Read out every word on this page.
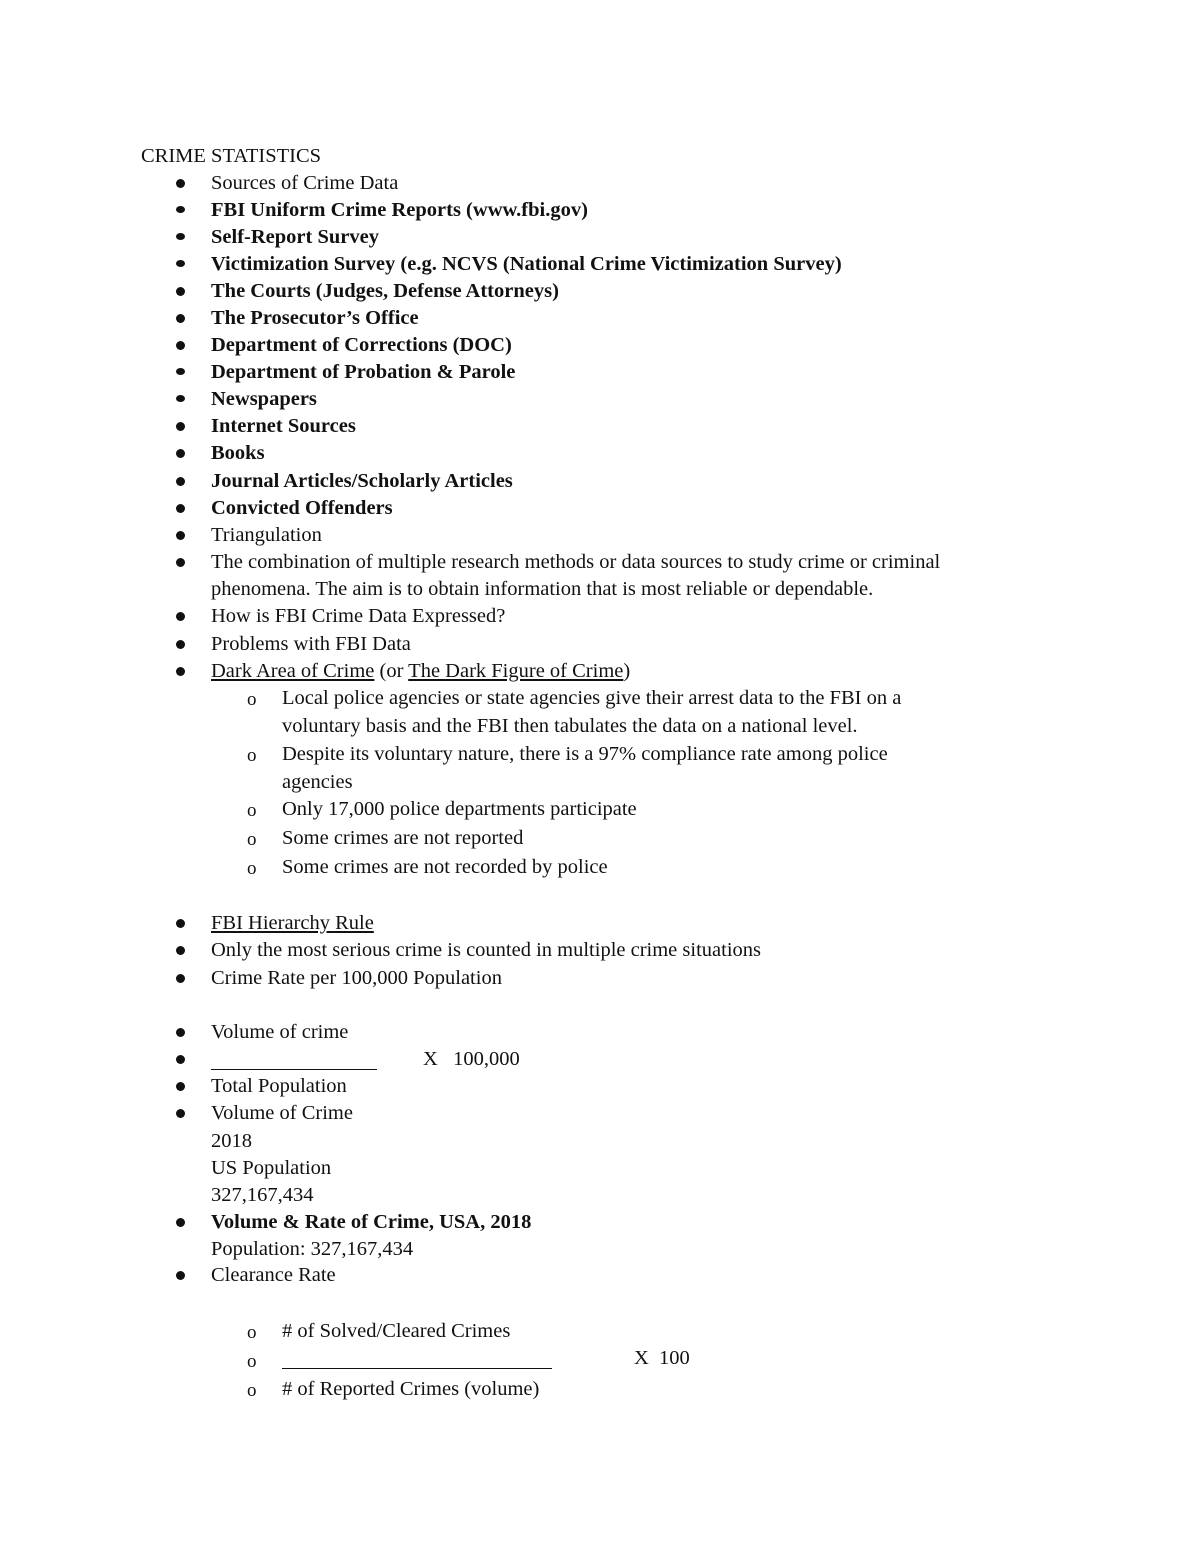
CRIME STATISTICS
Sources of Crime Data
FBI Uniform Crime Reports (www.fbi.gov)
Self-Report Survey
Victimization Survey (e.g. NCVS (National Crime Victimization Survey)
The Courts (Judges, Defense Attorneys)
The Prosecutor’s Office
Department of Corrections (DOC)
Department of Probation & Parole
Newspapers
Internet Sources
Books
Journal Articles/Scholarly Articles
Convicted Offenders
Triangulation
The combination of multiple research methods or data sources to study crime or criminal
phenomena. The aim is to obtain information that is most reliable or dependable.
How is FBI Crime Data Expressed?
Problems with FBI Data
Dark Area of Crime (or The Dark Figure of Crime)
o Local police agencies or state agencies give their arrest data to the FBI on a
voluntary basis and the FBI then tabulates the data on a national level.
o Despite its voluntary nature, there is a 97% compliance rate among police
agencies
o Only 17,000 police departments participate
o Some crimes are not reported
o Some crimes are not recorded by police
FBI Hierarchy Rule
Only the most serious crime is counted in multiple crime situations
Crime Rate per 100,000 Population
Volume of crime
X   100,000
Total Population
Volume of Crime
2018
US Population
327,167,434
Volume & Rate of Crime, USA, 2018
Population: 327,167,434
Clearance Rate
o # of Solved/Cleared Crimes
o	X  100
o # of Reported Crimes (volume)
